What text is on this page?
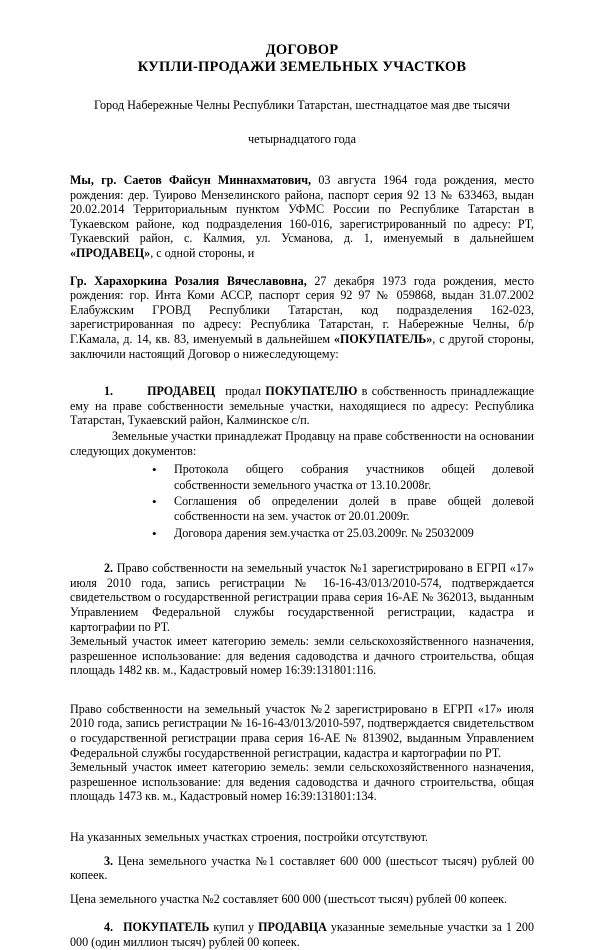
ДОГОВОР
КУПЛИ-ПРОДАЖИ ЗЕМЕЛЬНЫХ УЧАСТКОВ
Город Набережные Челны Республики Татарстан, шестнадцатое мая две тысячи
четырнадцатого года

Мы, гр. Саетов Файсун Миннахматович, 03 августа 1964 года рождения, место рождения: дер. Туирово Мензелинского района, паспорт серия 92 13 № 633463, выдан 20.02.2014 Территориальным пунктом УФМС России по Республике Татарстан в Тукаевском районе, код подразделения 160-016, зарегистрированный по адресу: РТ, Тукаевский район, с. Калмия, ул. Усманова, д. 1, именуемый в дальнейшем «ПРОДАВЕЦ», с одной стороны, и

Гр. Харахоркина Розалия Вячеславовна, 27 декабря 1973 года рождения, место рождения: гор. Инта Коми АССР, паспорт серия 92 97 № 059868, выдан 31.07.2002 Елабужским ГРОВД Республики Татарстан, код подразделения 162-023, зарегистрированная по адресу: Республика Татарстан, г. Набережные Челны, б/р Г.Камала, д. 14, кв. 83, именуемый в дальнейшем «ПОКУПАТЕЛЬ», с другой стороны, заключили настоящий Договор о нижеследующему:

1.	ПРОДАВЕЦ продал ПОКУПАТЕЛЮ в собственность принадлежащие ему на праве собственности земельные участки, находящиеся по адресу: Республика Татарстан, Тукаевский район, Калминское с/п.

Земельные участки принадлежат Продавцу на праве собственности на основании следующих документов:

• Протокола общего собрания участников общей долевой собственности земельного участка от 13.10.2008г.
• Соглашения об определении долей в праве общей долевой собственности на зем. участок от 20.01.2009г.
• Договора дарения зем.участка от 25.03.2009г. № 25032009

2. Право собственности на земельный участок №1 зарегистрировано в ЕГРП «17» июля 2010 года, запись регистрации № 16-16-43/013/2010-574, подтверждается свидетельством о государственной регистрации права серия 16-АЕ № 362013, выданным Управлением Федеральной службы государственной регистрации, кадастра и картографии по РТ.

Земельный участок имеет категорию земель: земли сельскохозяйственного назначения, разрешенное использование: для ведения садоводства и дачного строительства, общая площадь 1482 кв. м., Кадастровый номер 16:39:131801:116.

Право собственности на земельный участок №2 зарегистрировано в ЕГРП «17» июля 2010 года, запись регистрации № 16-16-43/013/2010-597, подтверждается свидетельством о государственной регистрации права серия 16-АЕ № 813902, выданным Управлением Федеральной службы государственной регистрации, кадастра и картографии по РТ.

Земельный участок имеет категорию земель: земли сельскохозяйственного назначения, разрешенное использование: для ведения садоводства и дачного строительства, общая площадь 1473 кв. м., Кадастровый номер 16:39:131801:134.

На указанных земельных участках строения, постройки отсутствуют.

3. Цена земельного участка №1 составляет 600 000 (шестьсот тысяч) рублей 00 копеек.

Цена земельного участка №2 составляет 600 000 (шестьсот тысяч) рублей 00 копеек.

4. ПОКУПАТЕЛЬ купил у ПРОДАВЦА указанные земельные участки за 1 200 000 (один миллион тысяч) рублей 00 копеек.
